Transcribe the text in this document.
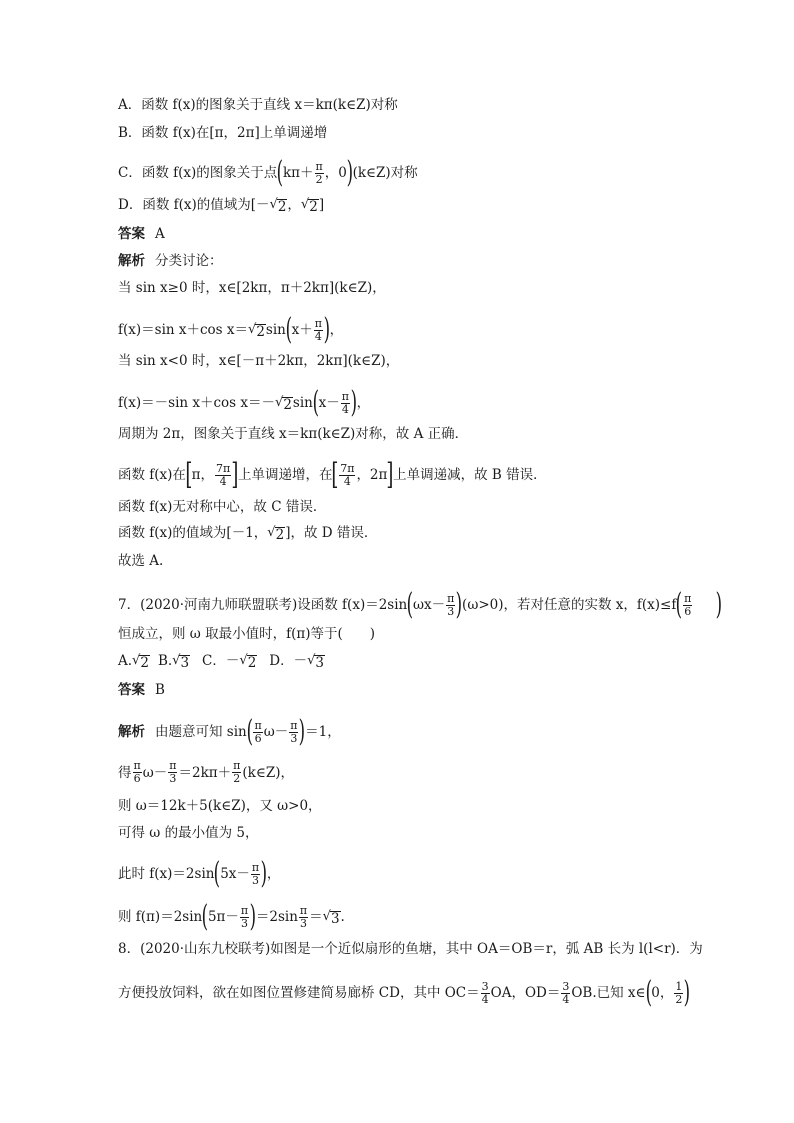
A．函数 f(x)的图象关于直线 x＝kπ(k∈Z)对称
B．函数 f(x)在[π，2π]上单调递增
C．函数 f(x)的图象关于点 ( $k\pi+ \frac{\pi}{2}$ ，0 ) (k∈Z)对称
D．函数 f(x)的值域为[－ √ 2 ， √ 2 ]
答案 A
解析 分类讨论：
当 sin x≥0 时，x∈[2kπ，π＋2kπ](k∈Z)，
f(x)＝sin x＋cos x＝ √ 2 sin ( $x+ \frac{\pi}{4}$ ) ，
当 sin x<0 时，x∈[－π＋2kπ，2kπ](k∈Z)，
f(x)＝－sin x＋cos x＝－ √ 2 sin ( $x- \frac{\pi}{4}$ ) ，
周期为 2π，图象关于直线 x＝kπ(k∈Z)对称，故 A 正确．
函数 f(x)在 [ π， $\frac{7\pi}{4}$ ] 上单调递增，在 [ $\frac{7\pi}{4}$ ，2π ] 上单调递减，故 B 错误．
函数 f(x)无对称中心，故 C 错误．
函数 f(x)的值域为[－1， √ 2 ]，故 D 错误．
故选 A.
7．(2020·河南九师联盟联考)设函数 f(x)＝2sin ( $\omega x- \frac{\pi}{3}$ ) (ω>0)，若对任意的实数 x，f(x)≤f ( $\frac{\pi}{6}$ )
恒成立，则 ω 取最小值时，f(π)等于(　　)
A. √ 2 B. √ 3 C．－ √ 2 D．－ √ 3
答案 B
解析 由题意可知 sin ( $\frac{\pi}{6} \omega- \frac{\pi}{3}$ ) ＝1，
得 $\frac{\pi}{6} \omega- \frac{\pi}{3} =2k\pi+ \frac{\pi}{2}$ (k∈Z)，
则 ω＝12k＋5(k∈Z)，又 ω>0，
可得 ω 的最小值为 5，
此时 f(x)＝2sin ( $5x- \frac{\pi}{3}$ ) ，
则 f(π)＝2sin ( $5\pi- \frac{\pi}{3}$ ) $=2\sin \frac{\pi}{3}$ ＝ √ 3 .
8．(2020·山东九校联考)如图是一个近似扇形的鱼塘，其中 OA＝OB＝r，弧 AB 长为 l(l<r)．为
方便投放饲料，欲在如图位置修建简易廊桥 CD，其中 $OC= \frac{3}{4}$ OA，$OD= \frac{3}{4}$ OB.已知 x∈ ( 0， $\frac{1}{2}$ )
